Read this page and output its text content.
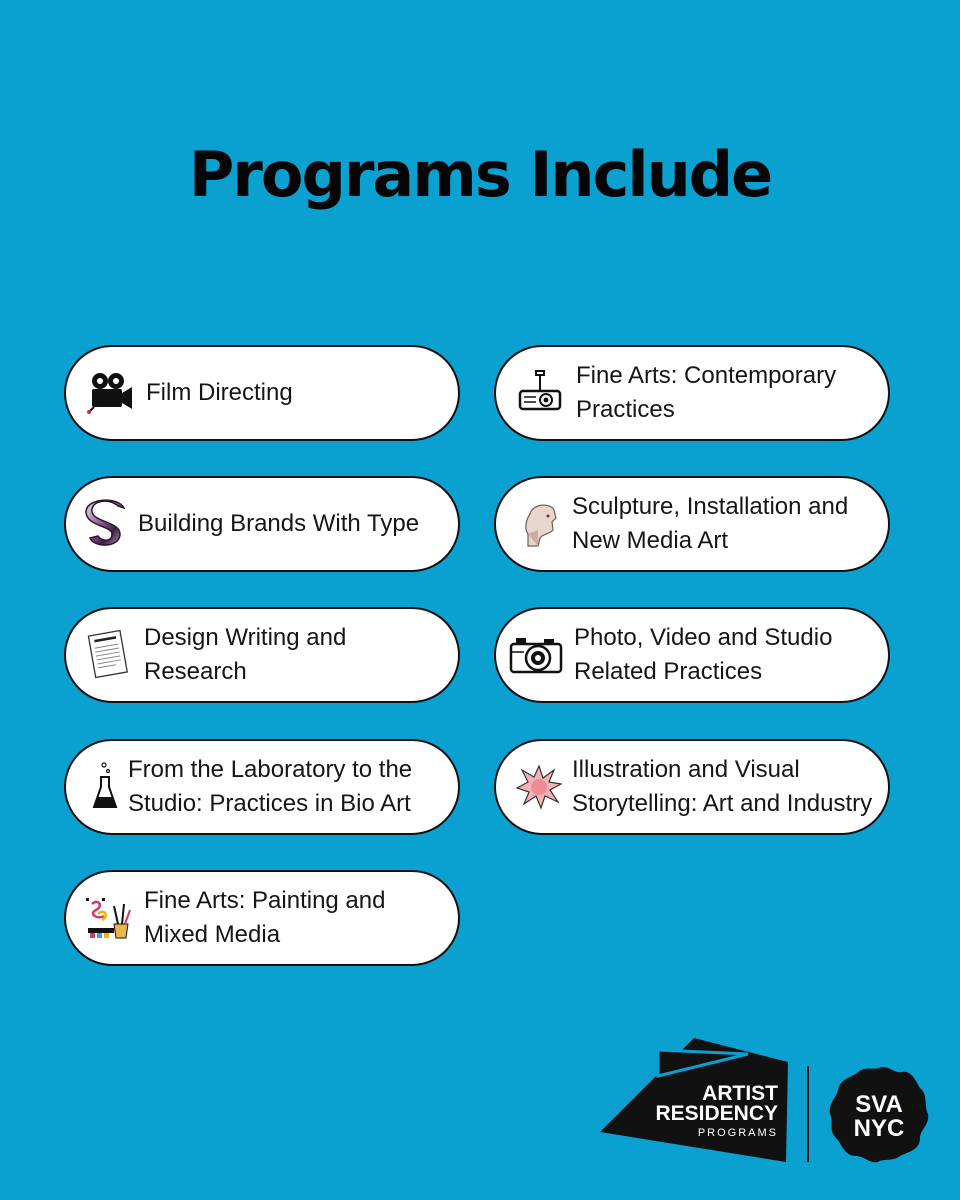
Programs Include
Film Directing
Fine Arts: Contemporary Practices
Building Brands With Type
Sculpture, Installation and New Media Art
Design Writing and Research
Photo, Video and Studio Related Practices
From the Laboratory to the Studio: Practices in Bio Art
Illustration and Visual Storytelling: Art and Industry
Fine Arts: Painting and Mixed Media
ARTIST
RESIDENCY
PROGRAMS
SVA
NYC
